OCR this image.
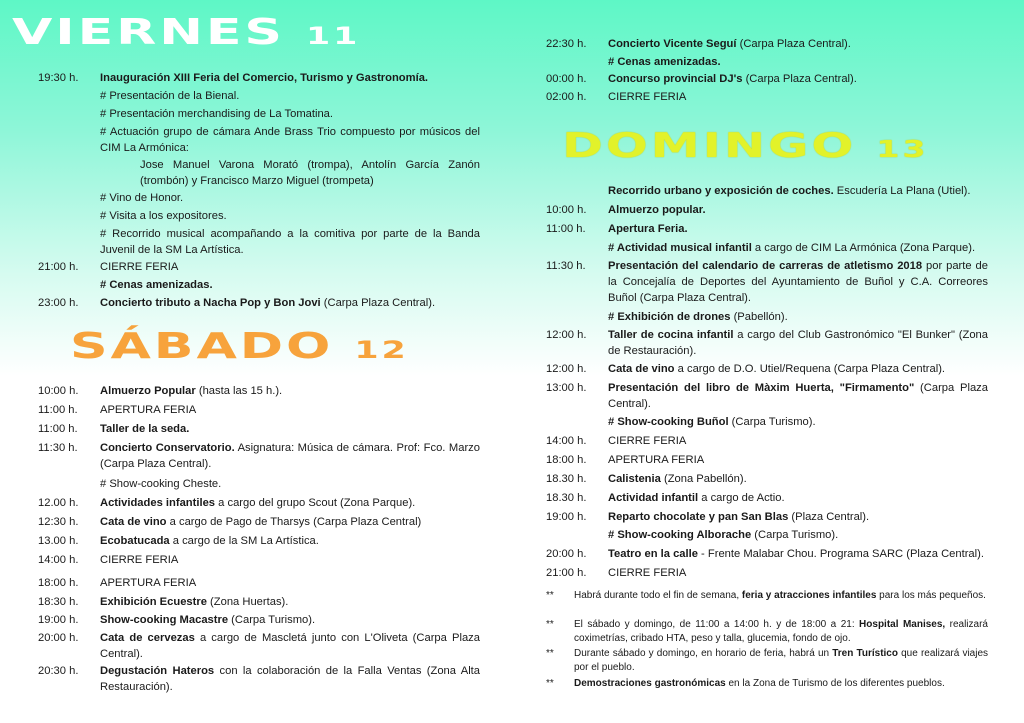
VIERNES 11
SÁBADO 12
DOMINGO 13
19:30 h.	Inauguración XIII Feria del Comercio, Turismo y Gastronomía.
# Presentación de la Bienal.
# Presentación merchandising de La Tomatina.
# Actuación grupo de cámara Ande Brass Trio compuesto por músicos del CIM La Armónica:
Jose Manuel Varona Morató (trompa), Antolín García Zanón (trombón) y Francisco Marzo Miguel (trompeta)
# Vino de Honor.
# Visita a los expositores.
# Recorrido musical acompañando a la comitiva por parte de la Banda Juvenil de la SM La Artística.
21:00 h.	CIERRE FERIA
# Cenas amenizadas.
23:00 h.	Concierto tributo a Nacha Pop y Bon Jovi (Carpa Plaza Central).
10:00 h.	Almuerzo Popular (hasta las 15 h.).
11:00 h.	APERTURA FERIA
11:00 h.	Taller de la seda.
11:30 h.	Concierto Conservatorio. Asignatura: Música de cámara. Prof: Fco. Marzo (Carpa Plaza Central).
# Show-cooking Cheste.
12.00 h.	Actividades infantiles a cargo del grupo Scout (Zona Parque).
12:30 h.	Cata de vino a cargo de Pago de Tharsys (Carpa Plaza Central)
13.00 h.	Ecobatucada a cargo de la SM La Artística.
14:00 h.	CIERRE FERIA
18:00 h.	APERTURA FERIA
18:30 h.	Exhibición Ecuestre (Zona Huertas).
19:00 h.	Show-cooking Macastre (Carpa Turismo).
20:00 h.	Cata de cervezas a cargo de Mascletá junto con L'Oliveta (Carpa Plaza Central).
20:30 h.	Degustación Hateros con la colaboración de la Falla Ventas (Zona Alta Restauración).
22:30 h.	Concierto Vicente Seguí (Carpa Plaza Central).
# Cenas amenizadas.
00:00 h.	Concurso provincial DJ's (Carpa Plaza Central).
02:00 h.	CIERRE FERIA
Recorrido urbano y exposición de coches. Escudería La Plana (Utiel).
10:00 h.	Almuerzo popular.
11:00 h.	Apertura Feria.
# Actividad musical infantil a cargo de CIM La Armónica (Zona Parque).
11:30 h.	Presentación del calendario de carreras de atletismo 2018 por parte de la Concejalía de Deportes del Ayuntamiento de Buñol y C.A. Correores Buñol (Carpa Plaza Central).
# Exhibición de drones (Pabellón).
12:00 h.	Taller de cocina infantil a cargo del Club Gastronómico "El Bunker" (Zona de Restauración).
12:00 h.	Cata de vino a cargo de D.O. Utiel/Requena (Carpa Plaza Central).
13:00 h.	Presentación del libro de Màxim Huerta, "Firmamento" (Carpa Plaza Central).
# Show-cooking Buñol (Carpa Turismo).
14:00 h.	CIERRE FERIA
18:00 h.	APERTURA FERIA
18.30 h.	Calistenia (Zona Pabellón).
18.30 h.	Actividad infantil a cargo de Actio.
19:00 h.	Reparto chocolate y pan San Blas (Plaza Central).
# Show-cooking Alborache (Carpa Turismo).
20:00 h.	Teatro en la calle - Frente Malabar Chou. Programa SARC (Plaza Central).
21:00 h.	CIERRE FERIA
**	Habrá durante todo el fin de semana, feria y atracciones infantiles para los más pequeños.
**	El sábado y domingo, de 11:00 a 14:00 h. y de 18:00 a 21: Hospital Manises, realizará coximetrías, cribado HTA, peso y talla, glucemia, fondo de ojo.
**	Durante sábado y domingo, en horario de feria, habrá un Tren Turístico que realizará viajes por el pueblo.
**	Demostraciones gastronómicas en la Zona de Turismo de los diferentes pueblos.
